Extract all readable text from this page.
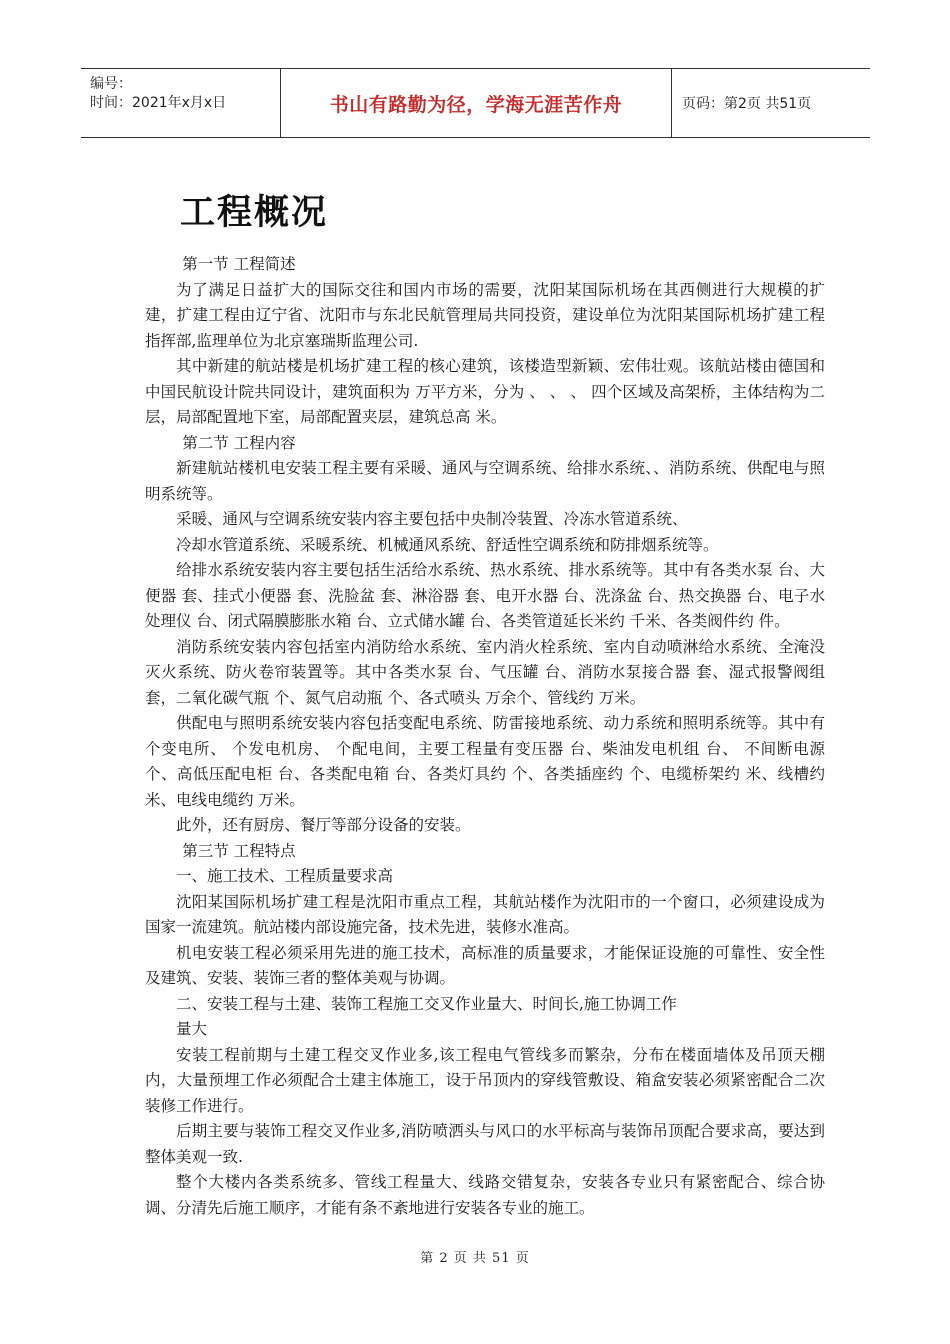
编号：
时间：2021年x月x日	书山有路勤为径，学海无涯苦作舟	页码：第2页 共51页
工程概况

第一节 工程简述

为了满足日益扩大的国际交往和国内市场的需要，沈阳某国际机场在其西侧进行大规模的扩建，扩建工程由辽宁省、沈阳市与东北民航管理局共同投资，建设单位为沈阳某国际机场扩建工程指挥部,监理单位为北京塞瑞斯监理公司.

其中新建的航站楼是机场扩建工程的核心建筑，该楼造型新颖、宏伟壮观。该航站楼由德国和中国民航设计院共同设计，建筑面积为 万平方米，分为 、 、 、 四个区域及高架桥，主体结构为二层，局部配置地下室，局部配置夹层，建筑总高 米。

第二节 工程内容

新建航站楼机电安装工程主要有采暖、通风与空调系统、给排水系统、、消防系统、供配电与照明系统等。

采暖、通风与空调系统安装内容主要包括中央制冷装置、冷冻水管道系统、

冷却水管道系统、采暖系统、机械通风系统、舒适性空调系统和防排烟系统等。

给排水系统安装内容主要包括生活给水系统、热水系统、排水系统等。其中有各类水泵 台、大便器 套、挂式小便器 套、洗脸盆 套、淋浴器 套、电开水器 台、洗涤盆 台、热交换器 台、电子水处理仪 台、闭式隔膜膨胀水箱 台、立式储水罐 台、各类管道延长米约 千米、各类阀件约 件。

消防系统安装内容包括室内消防给水系统、室内消火栓系统、室内自动喷淋给水系统、全淹没灭火系统、防火卷帘装置等。其中各类水泵 台、气压罐 台、消防水泵接合器 套、湿式报警阀组 套，二氧化碳气瓶 个、氮气启动瓶 个、各式喷头 万余个、管线约 万米。

供配电与照明系统安装内容包括变配电系统、防雷接地系统、动力系统和照明系统等。其中有 个变电所、 个发电机房、 个配电间，主要工程量有变压器 台、柴油发电机组 台、 不间断电源 个、高低压配电柜 台、各类配电箱 台、各类灯具约 个、各类插座约 个、电缆桥架约 米、线槽约 米、电线电缆约 万米。

此外，还有厨房、餐厅等部分设备的安装。

第三节 工程特点

一、施工技术、工程质量要求高

沈阳某国际机场扩建工程是沈阳市重点工程，其航站楼作为沈阳市的一个窗口，必须建设成为国家一流建筑。航站楼内部设施完备，技术先进，装修水准高。

机电安装工程必须采用先进的施工技术，高标准的质量要求，才能保证设施的可靠性、安全性及建筑、安装、装饰三者的整体美观与协调。

二、安装工程与土建、装饰工程施工交叉作业量大、时间长,施工协调工作

量大

安装工程前期与土建工程交叉作业多,该工程电气管线多而繁杂，分布在楼面墙体及吊顶天棚内，大量预埋工作必须配合土建主体施工，设于吊顶内的穿线管敷设、箱盒安装必须紧密配合二次装修工作进行。

后期主要与装饰工程交叉作业多,消防喷洒头与风口的水平标高与装饰吊顶配合要求高，要达到整体美观一致.

整个大楼内各类系统多、管线工程量大、线路交错复杂，安装各专业只有紧密配合、综合协调、分清先后施工顺序，才能有条不紊地进行安装各专业的施工。

第 2 页 共 51 页
